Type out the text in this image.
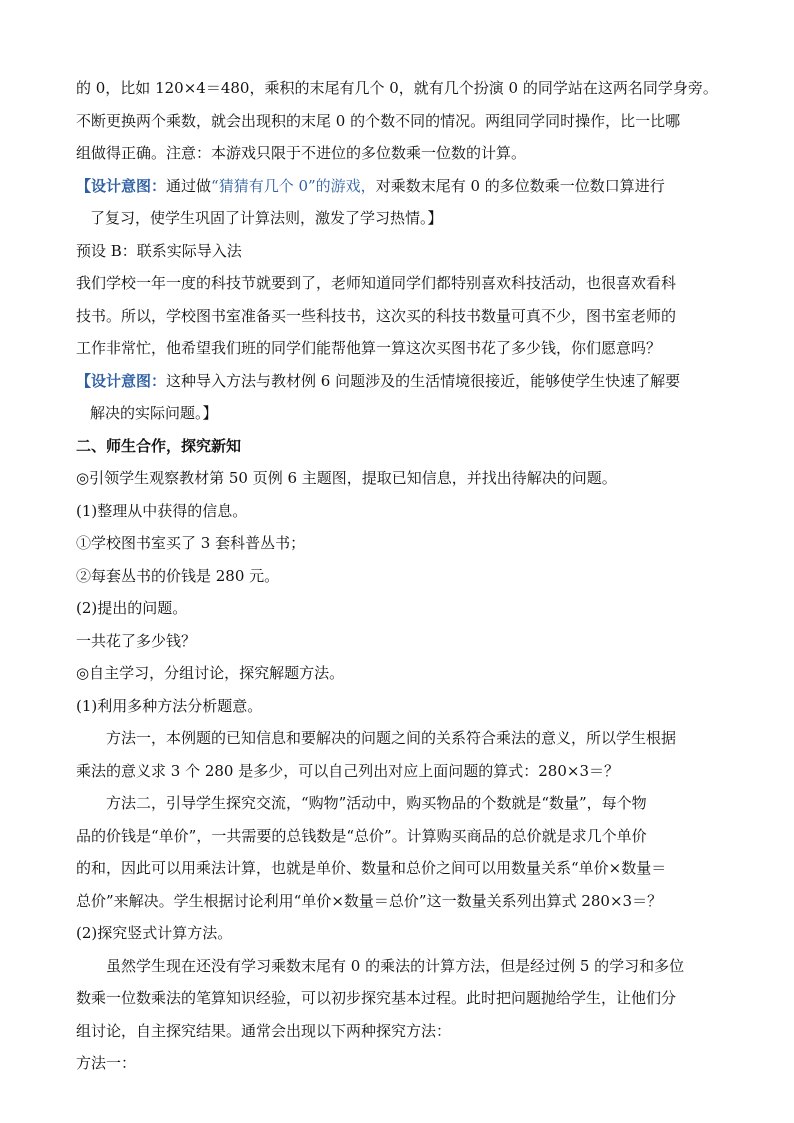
的 0，比如 120×4＝480，乘积的末尾有几个 0，就有几个扮演 0 的同学站在这两名同学身旁。
不断更换两个乘数，就会出现积的末尾 0 的个数不同的情况。两组同学同时操作，比一比哪
组做得正确。注意：本游戏只限于不进位的多位数乘一位数的计算。
【设计意图：通过做“猜猜有几个 0”的游戏，对乘数末尾有 0 的多位数乘一位数口算进行
了复习，使学生巩固了计算法则，激发了学习热情。】
预设 B：联系实际导入法
我们学校一年一度的科技节就要到了，老师知道同学们都特别喜欢科技活动，也很喜欢看科
技书。所以，学校图书室准备买一些科技书，这次买的科技书数量可真不少，图书室老师的
工作非常忙，他希望我们班的同学们能帮他算一算这次买图书花了多少钱，你们愿意吗？
【设计意图：这种导入方法与教材例 6 问题涉及的生活情境很接近，能够使学生快速了解要
解决的实际问题。】
二、师生合作，探究新知
◎引领学生观察教材第 50 页例 6 主题图，提取已知信息，并找出待解决的问题。
(1)整理从中获得的信息。
①学校图书室买了 3 套科普丛书；
②每套丛书的价钱是 280 元。
(2)提出的问题。
一共花了多少钱？
◎自主学习，分组讨论，探究解题方法。
(1)利用多种方法分析题意。
方法一，本例题的已知信息和要解决的问题之间的关系符合乘法的意义，所以学生根据
乘法的意义求 3 个 280 是多少，可以自己列出对应上面问题的算式：280×3＝？
方法二，引导学生探究交流，“购物”活动中，购买物品的个数就是“数量”，每个物
品的价钱是“单价”，一共需要的总钱数是“总价”。计算购买商品的总价就是求几个单价
的和，因此可以用乘法计算，也就是单价、数量和总价之间可以用数量关系“单价×数量＝
总价”来解决。学生根据讨论利用“单价×数量＝总价”这一数量关系列出算式 280×3＝？
(2)探究竖式计算方法。
虽然学生现在还没有学习乘数末尾有 0 的乘法的计算方法，但是经过例 5 的学习和多位
数乘一位数乘法的笔算知识经验，可以初步探究基本过程。此时把问题抛给学生，让他们分
组讨论，自主探究结果。通常会出现以下两种探究方法：
方法一：
